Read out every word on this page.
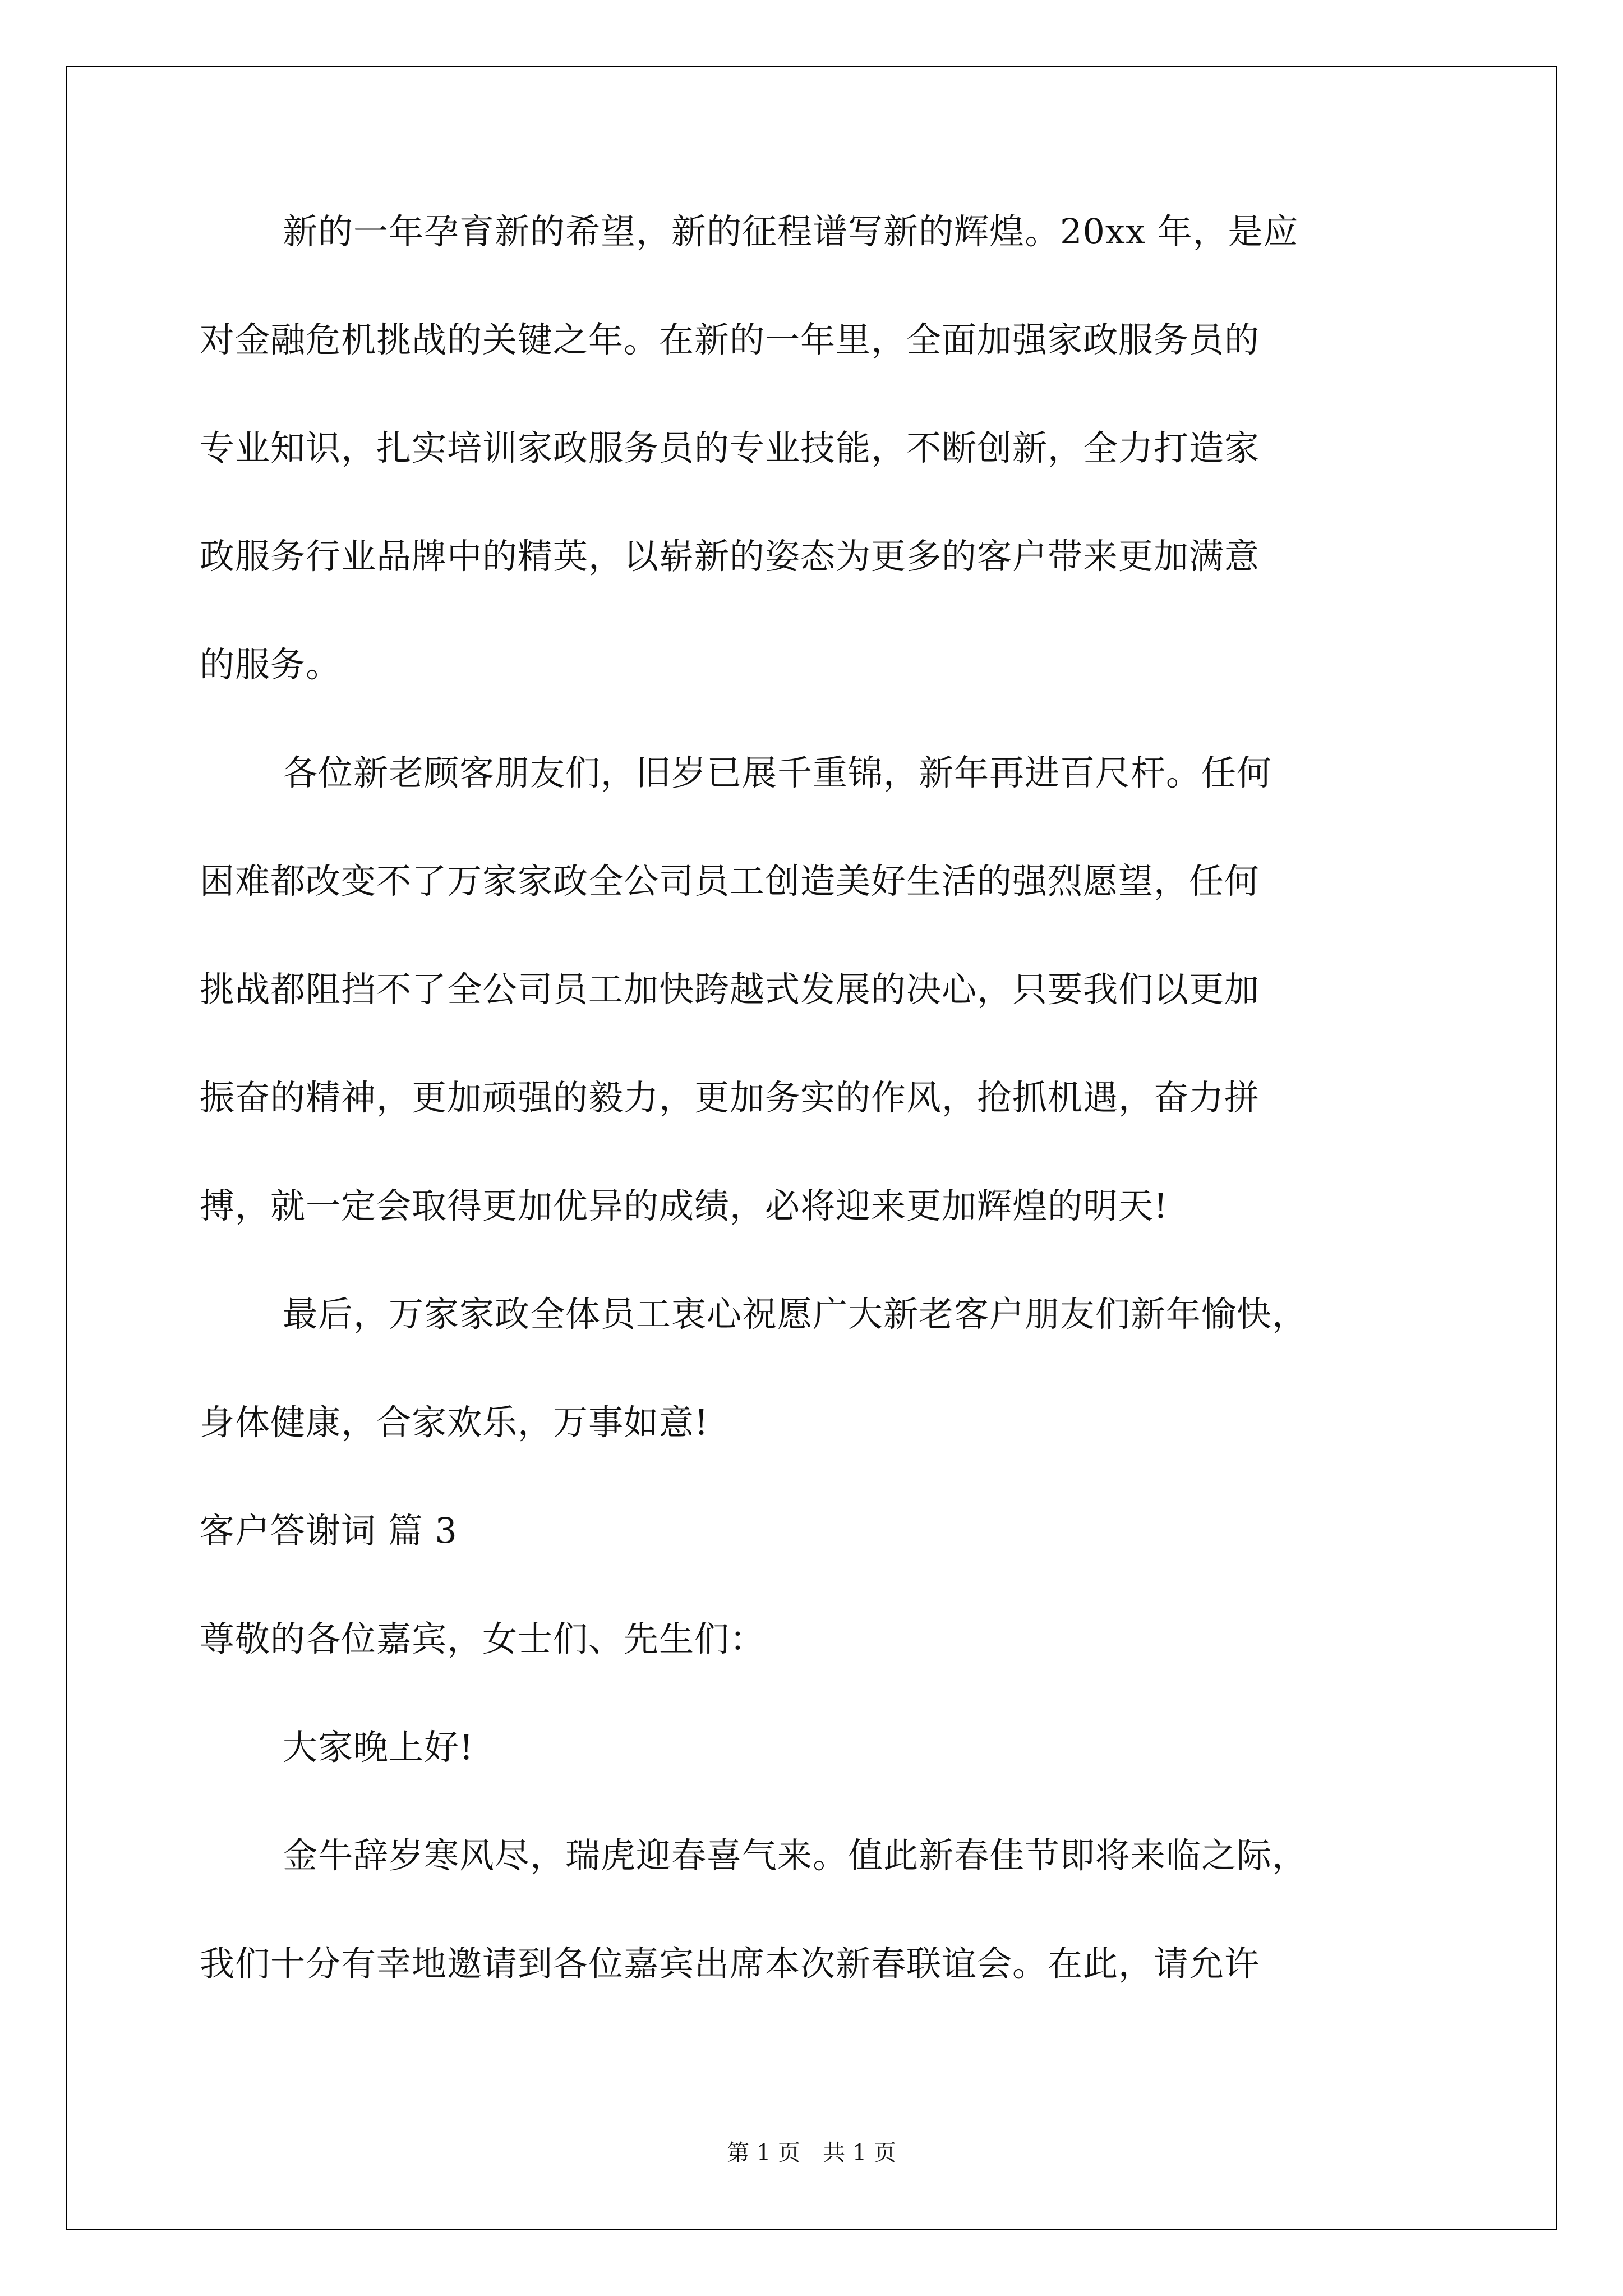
新的一年孕育新的希望，新的征程谱写新的辉煌。20xx 年，是应
对金融危机挑战的关键之年。在新的一年里，全面加强家政服务员的
专业知识，扎实培训家政服务员的专业技能，不断创新，全力打造家
政服务行业品牌中的精英，以崭新的姿态为更多的客户带来更加满意
的服务。
各位新老顾客朋友们，旧岁已展千重锦，新年再进百尺杆。任何
困难都改变不了万家家政全公司员工创造美好生活的强烈愿望，任何
挑战都阻挡不了全公司员工加快跨越式发展的决心，只要我们以更加
振奋的精神，更加顽强的毅力，更加务实的作风，抢抓机遇，奋力拼
搏，就一定会取得更加优异的成绩，必将迎来更加辉煌的明天!
最后，万家家政全体员工衷心祝愿广大新老客户朋友们新年愉快，
身体健康，合家欢乐，万事如意!
客户答谢词 篇 3
尊敬的各位嘉宾，女士们、先生们：
大家晚上好!
金牛辞岁寒风尽，瑞虎迎春喜气来。值此新春佳节即将来临之际，
我们十分有幸地邀请到各位嘉宾出席本次新春联谊会。在此，请允许
第 1 页 共 1 页
